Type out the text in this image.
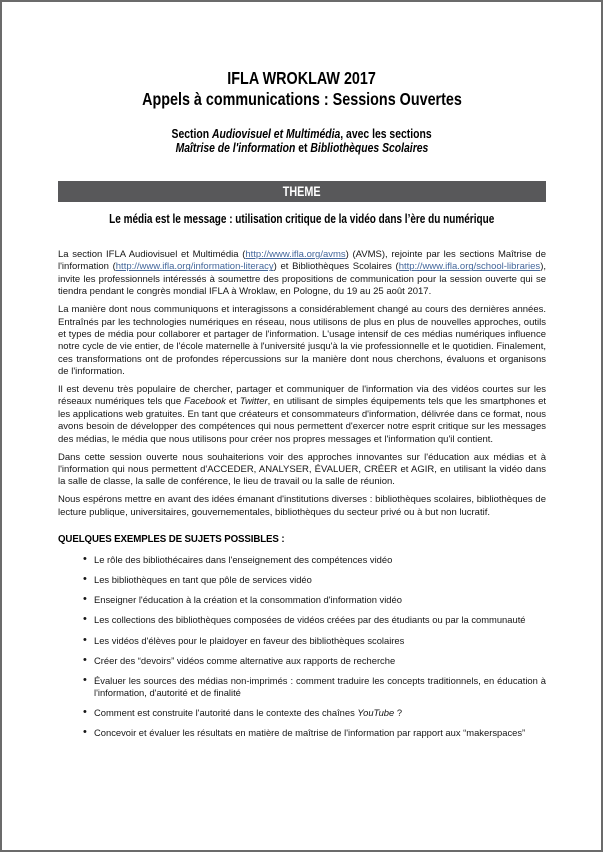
IFLA WROKLAW 2017
Appels à communications : Sessions Ouvertes
Section Audiovisuel et Multimédia, avec les sections
Maîtrise de l'information et Bibliothèques Scolaires
THEME
Le média est le message : utilisation critique de la vidéo dans l’ère du numérique

La section IFLA Audiovisuel et Multimédia (http://www.ifla.org/avms) (AVMS), rejointe par les sections Maîtrise de l'information (http://www.ifla.org/information-literacy) et Bibliothèques Scolaires (http://www.ifla.org/school-libraries), invite les professionnels intéressés à soumettre des propositions de communication pour la session ouverte qui se tiendra pendant le congrès mondial IFLA à Wroklaw, en Pologne, du 19 au 25 août 2017.

La manière dont nous communiquons et interagissons a considérablement changé au cours des dernières années. Entraînés par les technologies numériques en réseau, nous utilisons de plus en plus de nouvelles approches, outils et types de média pour collaborer et partager de l'information. L'usage intensif de ces médias numériques influence notre cycle de vie entier, de l'école maternelle à l'université jusqu'à la vie professionnelle et le quotidien. Finalement, ces transformations ont de profondes répercussions sur la manière dont nous cherchons, évaluons et organisons de l'information.

Il est devenu très populaire de chercher, partager et communiquer de l'information via des vidéos courtes sur les réseaux numériques tels que Facebook et Twitter, en utilisant de simples équipements tels que les smartphones et les applications web gratuites. En tant que créateurs et consommateurs d'information, délivrée dans ce format, nous avons besoin de développer des compétences qui nous permettent d'exercer notre esprit critique sur les messages des médias, le média que nous utilisons pour créer nos propres messages et l'information qu'il contient.

Dans cette session ouverte nous souhaiterions voir des approches innovantes sur l'éducation aux médias et à l'information qui nous permettent d'ACCEDER, ANALYSER, ÉVALUER, CRÉER et AGIR, en utilisant la vidéo dans la salle de classe, la salle de conférence, le lieu de travail ou la salle de réunion.

Nous espérons mettre en avant des idées émanant d'institutions diverses : bibliothèques scolaires, bibliothèques de lecture publique, universitaires, gouvernementales, bibliothèques du secteur privé ou à but non lucratif.

QUELQUES EXEMPLES DE SUJETS POSSIBLES :
• Le rôle des bibliothécaires dans l'enseignement des compétences vidéo
• Les bibliothèques en tant que pôle de services vidéo
• Enseigner l'éducation à la création et la consommation d'information vidéo
• Les collections des bibliothèques composées de vidéos créées par des étudiants ou par la communauté
• Les vidéos d'élèves pour le plaidoyer en faveur des bibliothèques scolaires
• Créer des “devoirs” vidéos comme alternative aux rapports de recherche
• Évaluer les sources des médias non-imprimés : comment traduire les concepts traditionnels, en éducation à l'information, d'autorité et de finalité
• Comment est construite l'autorité dans le contexte des chaînes YouTube ?
• Concevoir et évaluer les résultats en matière de maîtrise de l'information par rapport aux “makerspaces”
